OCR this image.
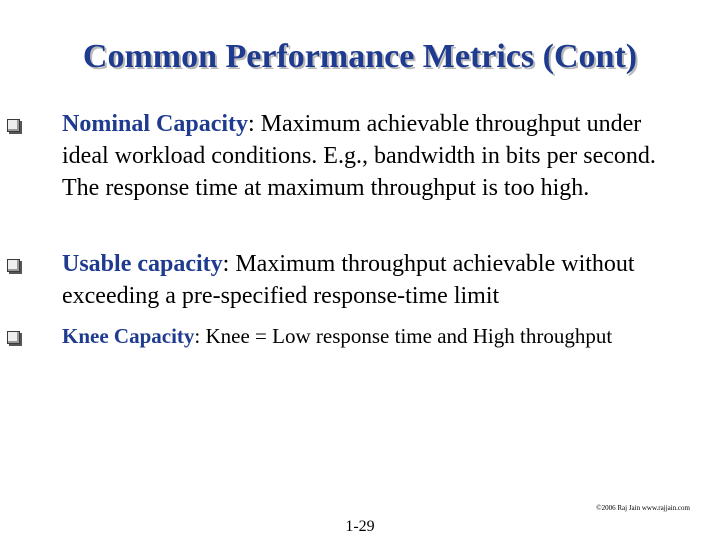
Common Performance Metrics (Cont)
Nominal Capacity: Maximum achievable throughput under ideal workload conditions. E.g., bandwidth in bits per second. The response time at maximum throughput is too high.
Usable capacity: Maximum throughput achievable without exceeding a pre-specified response-time limit
Knee Capacity: Knee = Low response time and High throughput
©2006 Raj Jain www.rajjain.com
1-29
